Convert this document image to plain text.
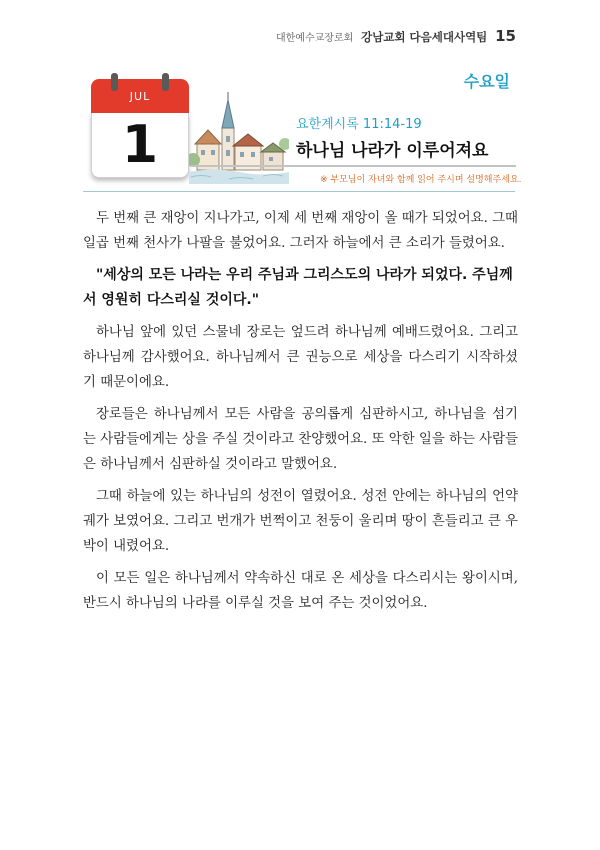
대한예수교장로회 강남교회 다음세대사역팀 15
수요일
JUL
1	요한계시록 11:14-19
하나님 나라가 이루어져요
※ 부모님이 자녀와 함께 읽어 주시며 설명해주세요.

두 번째 큰 재앙이 지나가고, 이제 세 번째 재앙이 올 때가 되었어요. 그때 일곱 번째 천사가 나팔을 불었어요. 그러자 하늘에서 큰 소리가 들렸어요.

"세상의 모든 나라는 우리 주님과 그리스도의 나라가 되었다. 주님께서 영원히 다스리실 것이다."

하나님 앞에 있던 스물네 장로는 엎드려 하나님께 예배드렸어요. 그리고 하나님께 감사했어요. 하나님께서 큰 권능으로 세상을 다스리기 시작하셨기 때문이에요.

장로들은 하나님께서 모든 사람을 공의롭게 심판하시고, 하나님을 섬기는 사람들에게는 상을 주실 것이라고 찬양했어요. 또 악한 일을 하는 사람들은 하나님께서 심판하실 것이라고 말했어요.

그때 하늘에 있는 하나님의 성전이 열렸어요. 성전 안에는 하나님의 언약궤가 보였어요. 그리고 번개가 번쩍이고 천둥이 울리며 땅이 흔들리고 큰 우박이 내렸어요.

이 모든 일은 하나님께서 약속하신 대로 온 세상을 다스리시는 왕이시며, 반드시 하나님의 나라를 이루실 것을 보여 주는 것이었어요.
